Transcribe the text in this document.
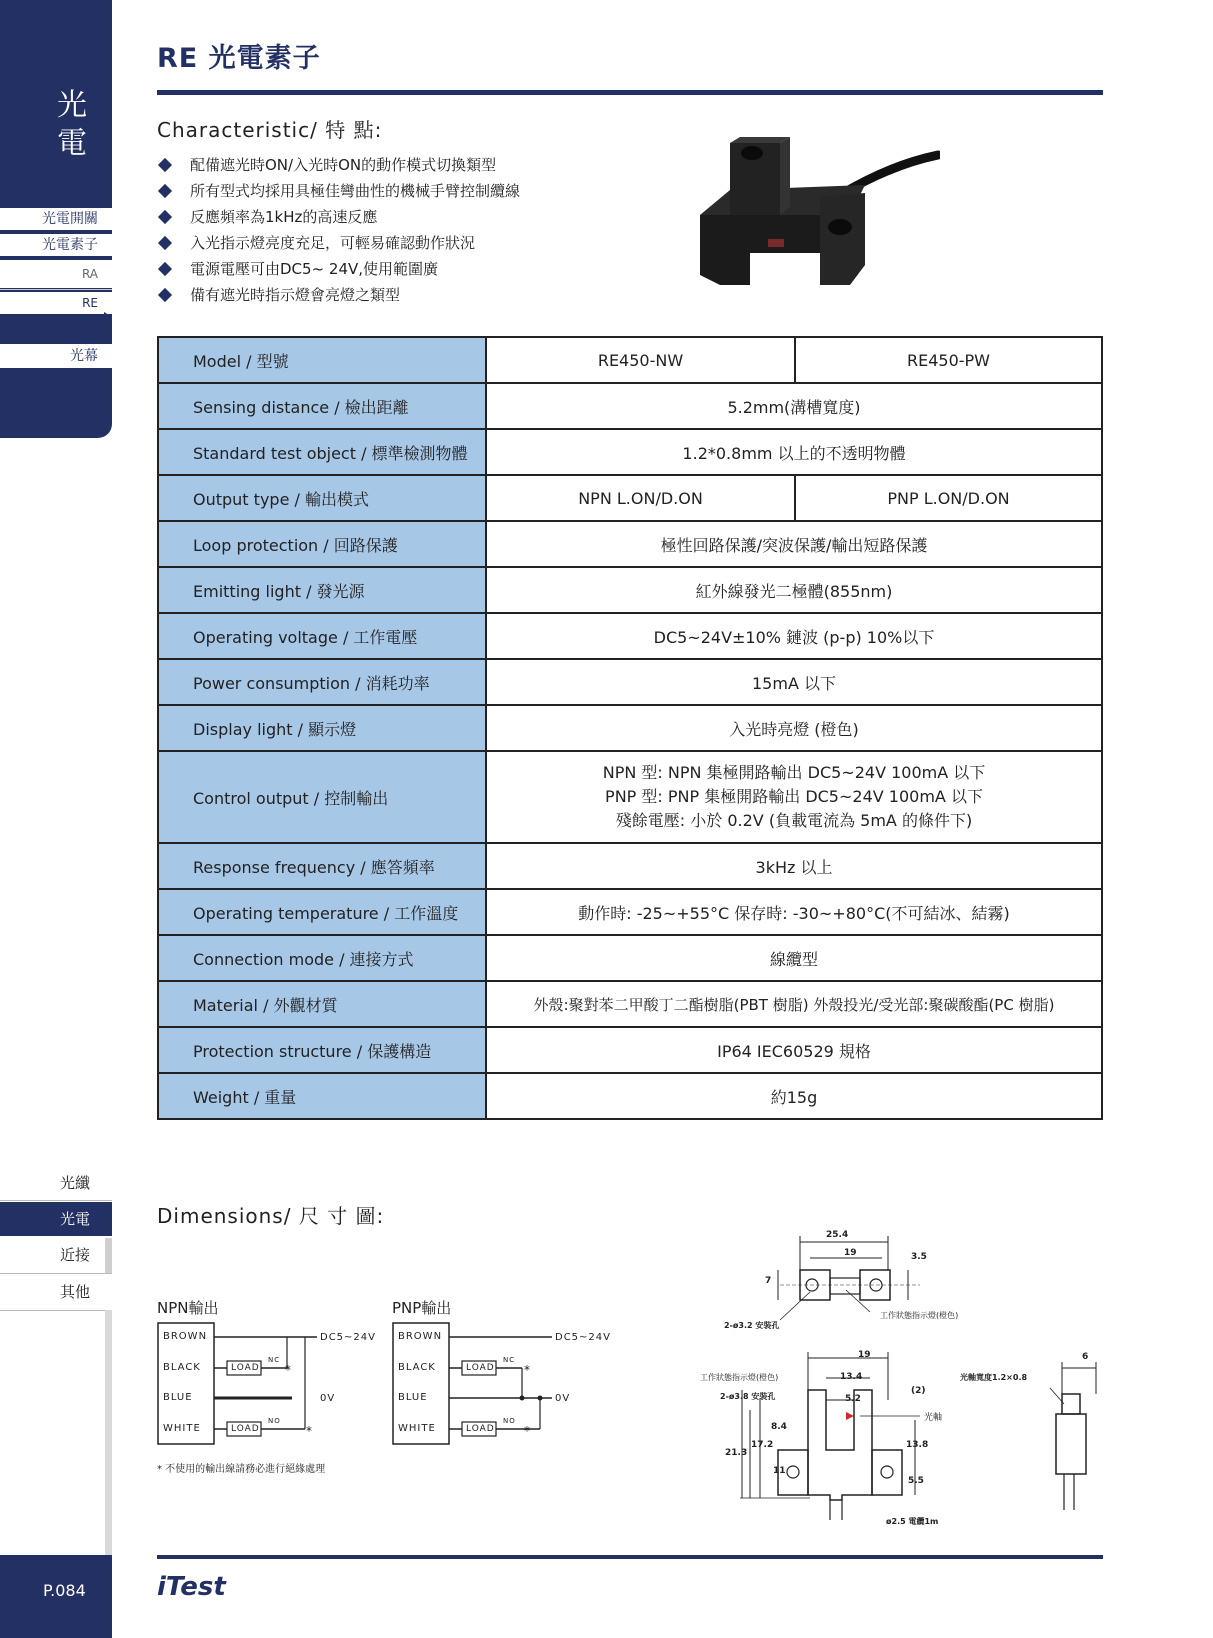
光
電
光電開關
光電素子
RA
RE
光幕
光纖
光電
近接
其他
P.084
RE 光電素子
Characteristic/ 特 點:
配備遮光時ON/入光時ON的動作模式切換類型
所有型式均採用具極佳彎曲性的機械手臂控制纜線
反應頻率為1kHz的高速反應
入光指示燈亮度充足，可輕易確認動作狀況
電源電壓可由DC5~ 24V,使用範圍廣
備有遮光時指示燈會亮燈之類型
Model / 型號	RE450-NW	RE450-PW
Sensing distance / 檢出距離	5.2mm(溝槽寬度)	
Standard test object / 標準檢測物體	1.2*0.8mm 以上的不透明物體	
Output type / 輸出模式	NPN L.ON/D.ON	PNP L.ON/D.ON
Loop protection / 回路保護	極性回路保護/突波保護/輸出短路保護	
Emitting light / 發光源	紅外線發光二極體(855nm)	
Operating voltage / 工作電壓	DC5~24V±10% 鏈波 (p-p) 10%以下	
Power consumption / 消耗功率	15mA 以下	
Display light / 顯示燈	入光時亮燈 (橙色)	
Control output / 控制輸出	NPN 型: NPN 集極開路輸出 DC5~24V 100mA 以下
PNP 型: PNP 集極開路輸出 DC5~24V 100mA 以下
殘餘電壓: 小於 0.2V (負載電流為 5mA 的條件下)	

Response frequency / 應答頻率	3kHz 以上	
Operating temperature / 工作溫度	動作時: -25~+55°C 保存時: -30~+80°C(不可結冰、結霧)	
Connection mode / 連接方式	線纜型	
Material / 外觀材質	外殼:聚對苯二甲酸丁二酯樹脂(PBT 樹脂) 外殼投光/受光部:聚碳酸酯(PC 樹脂)	
Protection structure / 保護構造	IP64 IEC60529 規格	
Weight / 重量	約15g	
Dimensions/ 尺 寸 圖:
NPN輸出
BROWN
BLACK
BLUE
WHITE
LOAD
LOAD
NC
NO
*
*
DC5~24V
0V
PNP輸出
BROWN
BLACK
BLUE
WHITE
LOAD
LOAD
NC
NO
*
*
DC5~24V
0V
* 不使用的輸出線請務必進行絕緣處理
25.4
19	3.5
7
2-ø3.2 安裝孔
工作狀態指示燈(橙色)
19
13.4
5.2
(2)
光軸
工作狀態指示燈(橙色)
2-ø3.8 安裝孔
8.4
17.2
21.3
11
13.8
5.5
ø2.5 電纜1m
光軸寬度1.2×0.8
6
iTest
